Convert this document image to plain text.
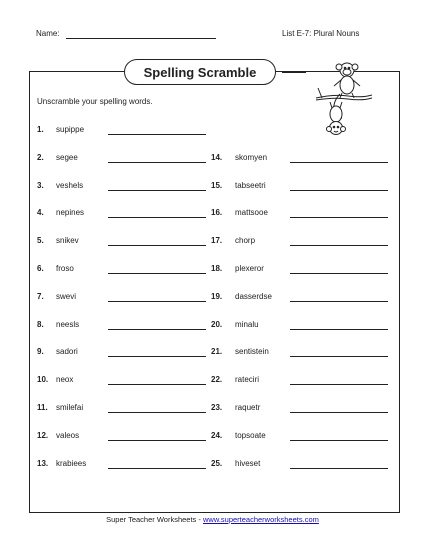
Name:	List E-7: Plural Nouns
Spelling Scramble
Unscramble your spelling words.
1. supippe
2. segee
3. veshels
4. nepines
5. snikev
6. froso
7. swevi
8. neesls
9. sadori
10. neox
11. smilefai
12. valeos
13. krabiees
14. skomyen
15. tabseetri
16. mattsooe
17. chorp
18. plexeror
19. dasserdse
20. minalu
21. sentistein
22. rateciri
23. raquetr
24. topsoate
25. hiveset
Super Teacher Worksheets - www.superteacherworksheets.com
